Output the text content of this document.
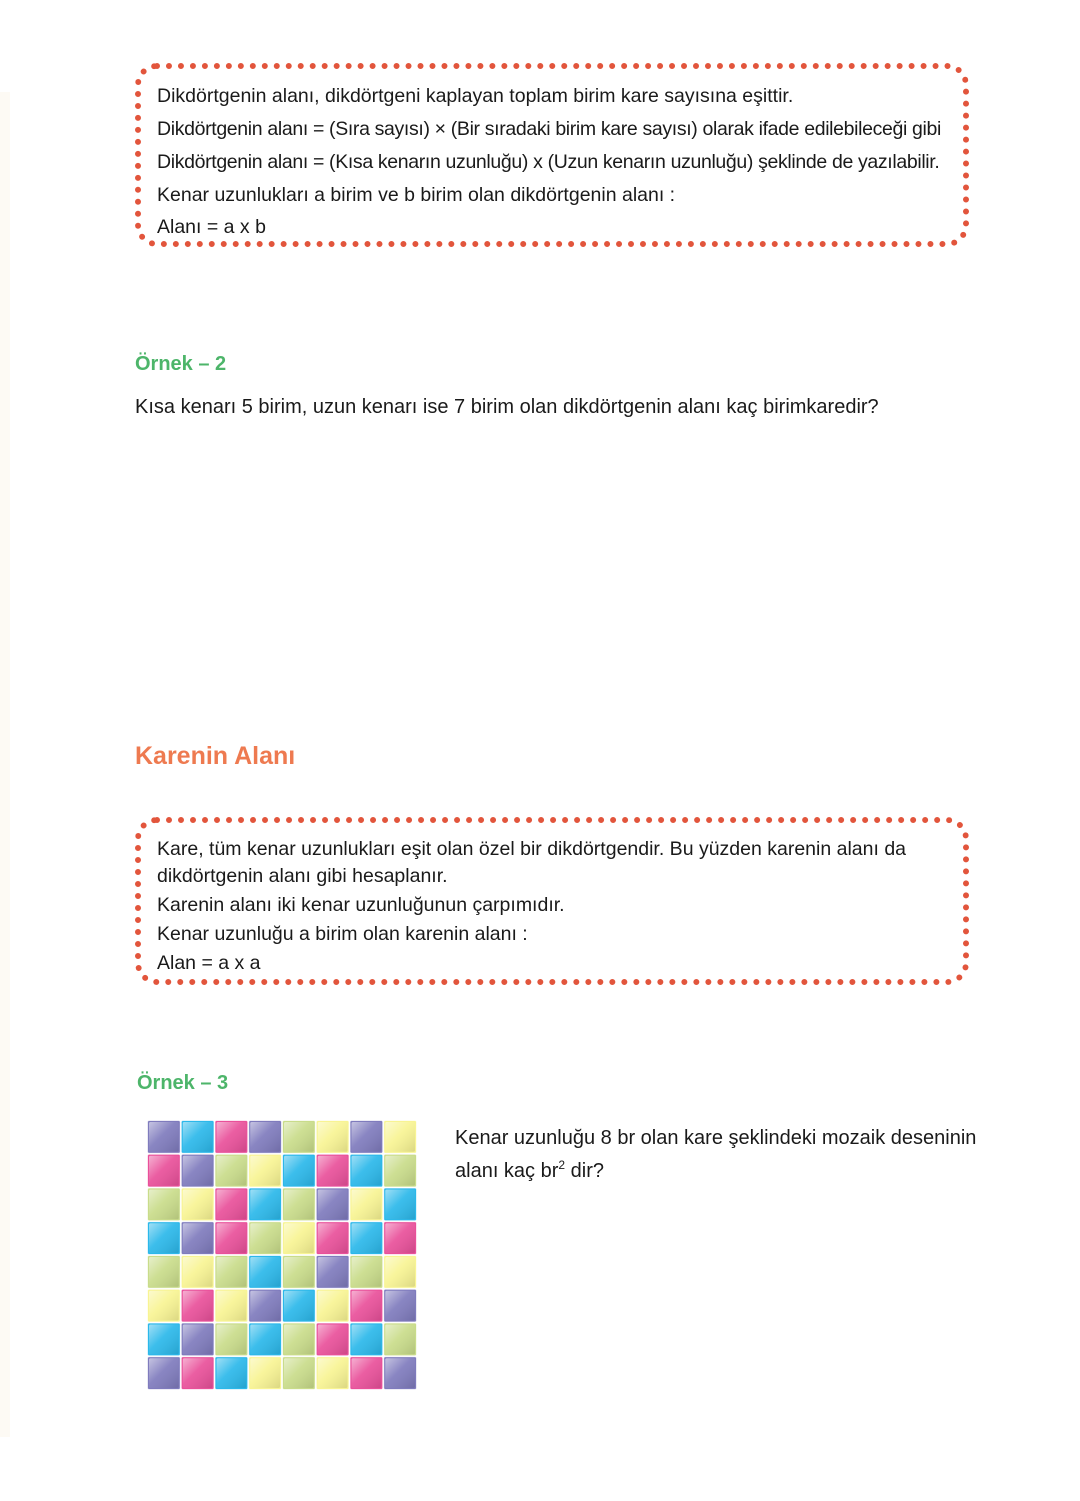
Dikdörtgenin alanı, dikdörtgeni kaplayan toplam birim kare sayısına eşittir.
Dikdörtgenin alanı = (Sıra sayısı) × (Bir sıradaki birim kare sayısı) olarak ifade edilebileceği gibi
Dikdörtgenin alanı = (Kısa kenarın uzunluğu) x (Uzun kenarın uzunluğu) şeklinde de yazılabilir.
Kenar uzunlukları a birim ve b birim olan dikdörtgenin alanı :
Alanı = a x b
Örnek – 2
Kısa kenarı 5 birim, uzun kenarı ise 7 birim olan dikdörtgenin alanı kaç birimkaredir?
Karenin Alanı
Kare, tüm kenar uzunlukları eşit olan özel bir dikdörtgendir. Bu yüzden karenin alanı da
dikdörtgenin alanı gibi hesaplanır.
Karenin alanı iki kenar uzunluğunun çarpımıdır.
Kenar uzunluğu a birim olan karenin alanı :
Alan = a x a
Örnek – 3
Kenar uzunluğu 8 br olan kare şeklindeki mozaik deseninin
alanı kaç $br^2$ dir?
